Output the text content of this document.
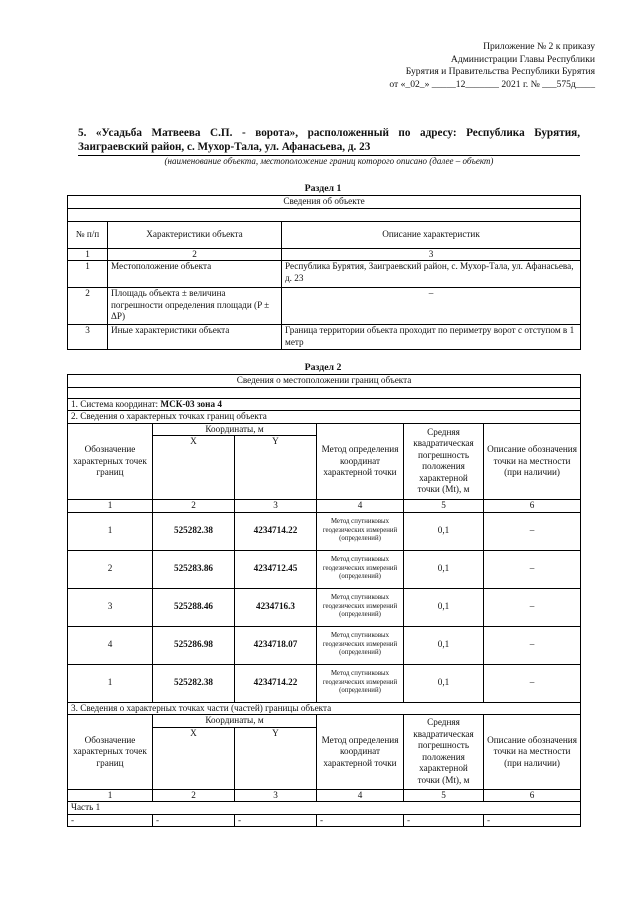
Приложение № 2 к приказу
Администрации Главы Республики
Бурятия и Правительства Республики Бурятия
от «_02_» _____12_______ 2021 г. № ___575д____
5. «Усадьба Матвеева С.П. - ворота», расположенный по адресу: Республика Бурятия, Заиграевский район, с. Мухор-Тала, ул. Афанасьева, д. 23
(наименование объекта, местоположение границ которого описано (далее – объект)
Раздел 1
Сведения об объекте		

№ п/п	Характеристики объекта	Описание характеристик
1	2	3
1	Местоположение объекта	Республика Бурятия, Заиграевский район, с. Мухор-Тала, ул. Афанасьева, д. 23
2	Площадь объекта ± величина погрешности определения площади (P ± ΔP)	–
3	Иные характеристики объекта	Граница территории объекта проходит по периметру ворот с отступом в 1 метр
Раздел 2
Сведения о местоположении границ объекта					

1. Система координат: МСК-03 зона 4					
2. Сведения о характерных точках границ объекта					
Обозначение характерных точек границ	Координаты, м		Метод определения координат характерной точки	Средняя квадратическая погрешность положения характерной точки (Mt), м	Описание обозначения точки на местности (при наличии)
	X	Y			
1	2	3	4	5	6
1	525282.38	4234714.22	Метод спутниковых геодезических измерений (определений)	0,1	–
2	525283.86	4234712.45	Метод спутниковых геодезических измерений (определений)	0,1	–
3	525288.46	4234716.3	Метод спутниковых геодезических измерений (определений)	0,1	–
4	525286.98	4234718.07	Метод спутниковых геодезических измерений (определений)	0,1	–
1	525282.38	4234714.22	Метод спутниковых геодезических измерений (определений)	0,1	–
3. Сведения о характерных точках части (частей) границы объекта					
Обозначение характерных точек границ	Координаты, м		Метод определения координат характерной точки	Средняя квадратическая погрешность положения характерной точки (Mt), м	Описание обозначения точки на местности (при наличии)
	X	Y			
1	2	3	4	5	6
Часть 1					
-	-	-	-	-	-
